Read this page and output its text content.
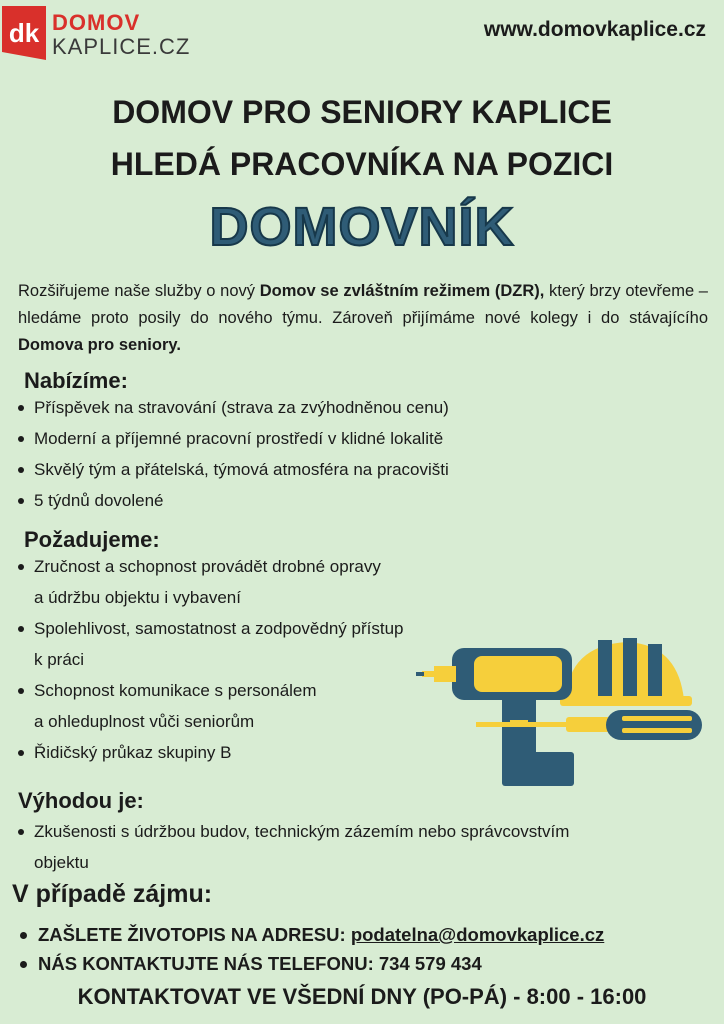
dk DOMOV
KAPLICE.CZ
www.domovkaplice.cz
DOMOV PRO SENIORY KAPLICE
HLEDÁ PRACOVNÍKA NA POZICI
DOMOVNÍK
Rozšiřujeme naše služby o nový Domov se zvláštním režimem (DZR), který brzy otevřeme – hledáme proto posily do nového týmu. Zároveň přijímáme nové kolegy i do stávajícího Domova pro seniory.
Nabízíme:
Příspěvek na stravování (strava za zvýhodněnou cenu)
Moderní a příjemné pracovní prostředí v klidné lokalitě
Skvělý tým a přátelská, týmová atmosféra na pracovišti
5 týdnů dovolené
Požadujeme:
Zručnost a schopnost provádět drobné opravy
a údržbu objektu i vybavení
Spolehlivost, samostatnost a zodpovědný přístup
k práci
Schopnost komunikace s personálem
a ohleduplnost vůči seniorům
Řidičský průkaz skupiny B
Výhodou je:
Zkušenosti s údržbou budov, technickým zázemím nebo správcovstvím
objektu
V případě zájmu:
ZAŠLETE ŽIVOTOPIS NA ADRESU: podatelna@domovkaplice.cz
NÁS KONTAKTUJTE NÁS TELEFONU: 734 579 434
KONTAKTOVAT VE VŠEDNÍ DNY (PO-PÁ) - 8:00 - 16:00
